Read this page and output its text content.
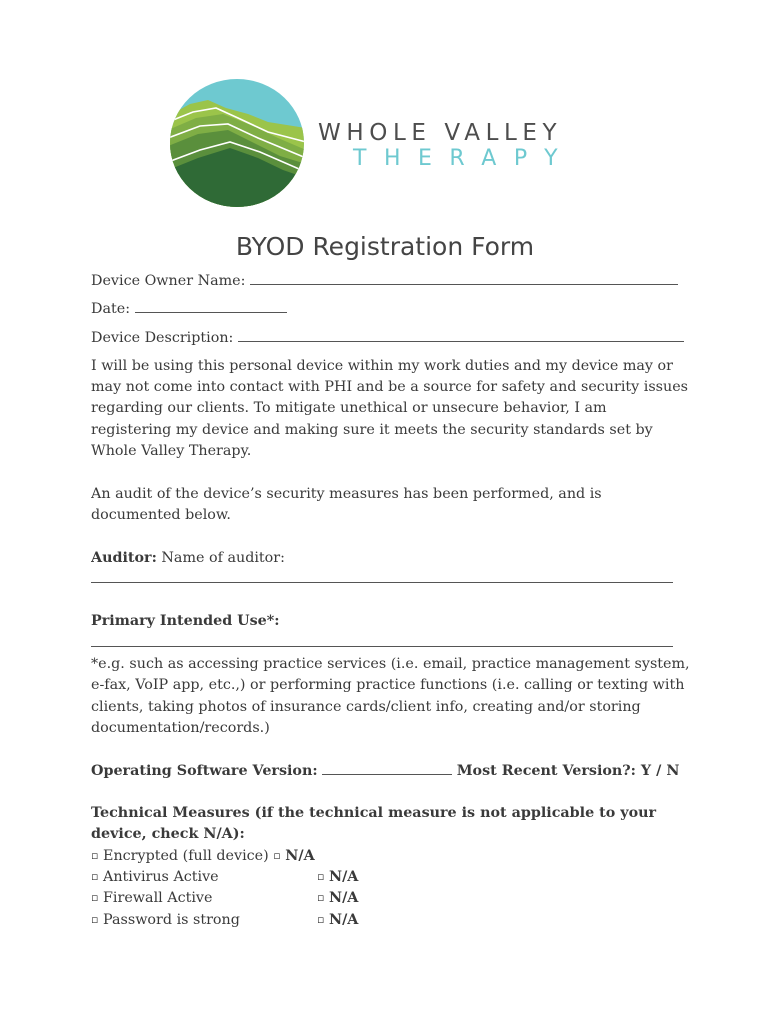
WHOLE VALLEY
THERAPY
BYOD Registration Form
Device Owner Name:
Date:
Device Description:
I will be using this personal device within my work duties and my device may or
may not come into contact with PHI and be a source for safety and security issues
regarding our clients. To mitigate unethical or unsecure behavior, I am
registering my device and making sure it meets the security standards set by
Whole Valley Therapy.
An audit of the device’s security measures has been performed, and is
documented below.
Auditor: Name of auditor:
Primary Intended Use*:
*e.g. such as accessing practice services (i.e. email, practice management system,
e-fax, VoIP app, etc.,) or performing practice functions (i.e. calling or texting with
clients, taking photos of insurance cards/client info, creating and/or storing
documentation/records.)
Operating Software Version:	Most Recent Version?: Y / N
Technical Measures (if the technical measure is not applicable to your
device, check N/A):
▫ Encrypted (full device) ▫ N/A
▫ Antivirus Active	▫ N/A
▫ Firewall Active	▫ N/A
▫ Password is strong	▫ N/A
